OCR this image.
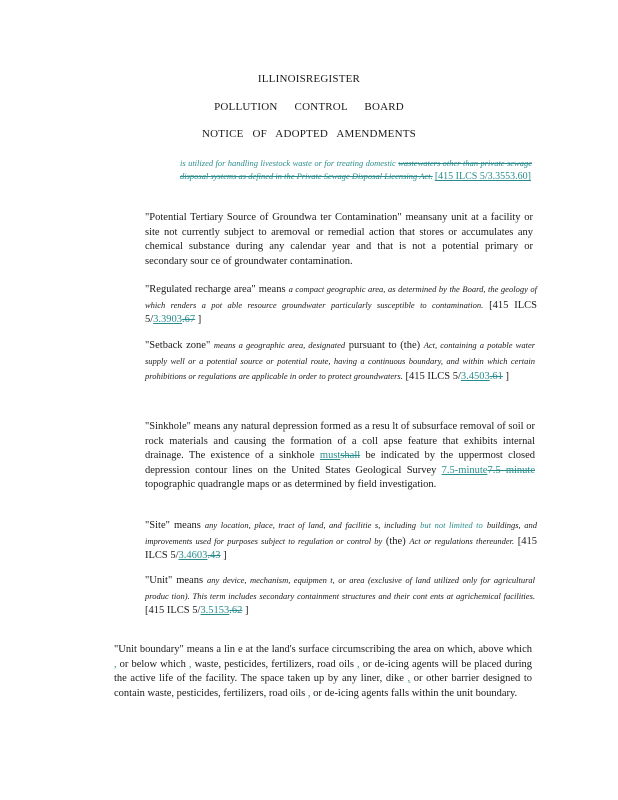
ILLINOISREGISTER
POLLUTION CONTROL BOARD
NOTICE OF ADOPTED AMENDMENTS
is utilized for handling livestock waste or for treating domestic wastewaters other than private sewage disposal systems as defined in the Private Sewage Disposal Licensing Act. [415 ILCS 5/3.3553.60]
"Potential Tertiary Source of Groundwa ter Contamination" meansany unit at a facility or site not currently subject to aremoval or remedial action that stores or accumulates any chemical substance during any calendar year and that is not a potential primary or secondary sour ce of groundwater contamination.
"Regulated recharge area" means a compact geographic area, as determined by the Board, the geology of which renders a pot able resource groundwater particularly susceptible to contamination. [415 ILCS 5/3.3903.67 ]
"Setback zone" means a geographic area, designated pursuant to (the) Act, containing a potable water supply well or a potential source or potential route, having a continuous boundary, and within which certain prohibitions or regulations are applicable in order to protect groundwaters. [415 ILCS 5/3.4503.61 ]
"Sinkhole" means any natural depression formed as a resu lt of subsurface removal of soil or rock materials and causing the formation of a coll apse feature that exhibits internal drainage. The existence of a sinkhole mustshall be indicated by the uppermost closed depression contour lines on the United States Geological Survey 7.5-minute7.5 minute topographic quadrangle maps or as determined by field investigation.
"Site" means any location, place, tract of land, and facilitie s, including but not limited to buildings, and improvements used for purposes subject to regulation or control by (the) Act or regulations thereunder. [415 ILCS 5/3.4603.43 ]
"Unit" means any device, mechanism, equipmen t, or area (exclusive of land utilized only for agricultural produc tion). This term includes secondary containment structures and their cont ents at agrichemical facilities. [415 ILCS 5/3.5153.62 ]
"Unit boundary" means a lin e at the land's surface circumscribing the area on which, above which , or below which , waste, pesticides, fertilizers, road oils , or de-icing agents will be placed during the active life of the facility. The space taken up by any liner, dike , or other barrier designed to contain waste, pesticides, fertilizers, road oils , or de-icing agents falls within the unit boundary.
